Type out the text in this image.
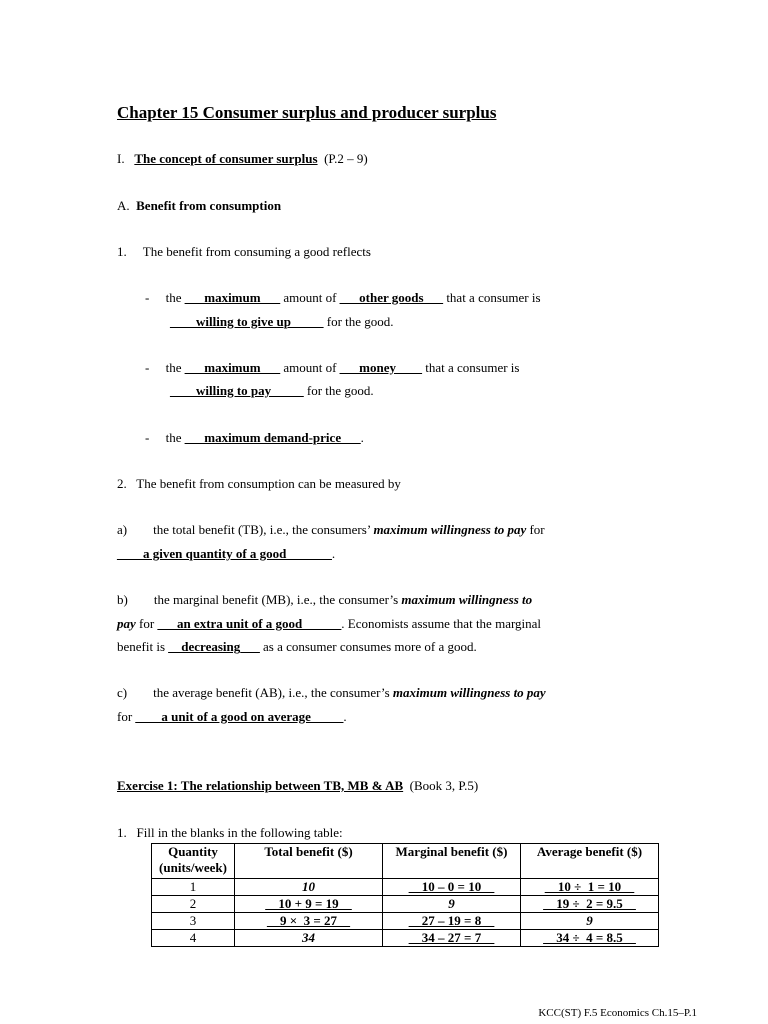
Chapter 15 Consumer surplus and producer surplus
I. The concept of consumer surplus (P.2 – 9)
A. Benefit from consumption
1. The benefit from consuming a good reflects
- the ___maximum___ amount of ___other goods___ that a consumer is
____willing to give up_____ for the good.
- the ___maximum___ amount of ___money____ that a consumer is
____willing to pay_____ for the good.
- the ___maximum demand-price___.
2. The benefit from consumption can be measured by
a) the total benefit (TB), i.e., the consumers’ maximum willingness to pay for
____a given quantity of a good_______.
b) the marginal benefit (MB), i.e., the consumer’s maximum willingness to
pay for ___an extra unit of a good______. Economists assume that the marginal
benefit is __decreasing___ as a consumer consumes more of a good.
c) the average benefit (AB), i.e., the consumer’s maximum willingness to pay
for ____a unit of a good on average_____.
Exercise 1: The relationship between TB, MB & AB (Book 3, P.5)
1. Fill in the blanks in the following table:
Quantity (units/week)	Total benefit ($)	Marginal benefit ($)	Average benefit ($)
1	10	__10 – 0 = 10__	__10 ÷  1 = 10__
2	__10 + 9 = 19__	9	__19 ÷  2 = 9.5__
3	__9 ×  3 = 27__	__27 – 19 = 8__	9
4	34	__34 – 27 = 7__	__34 ÷  4 = 8.5__
KCC(ST) F.5 Economics Ch.15–P.1
